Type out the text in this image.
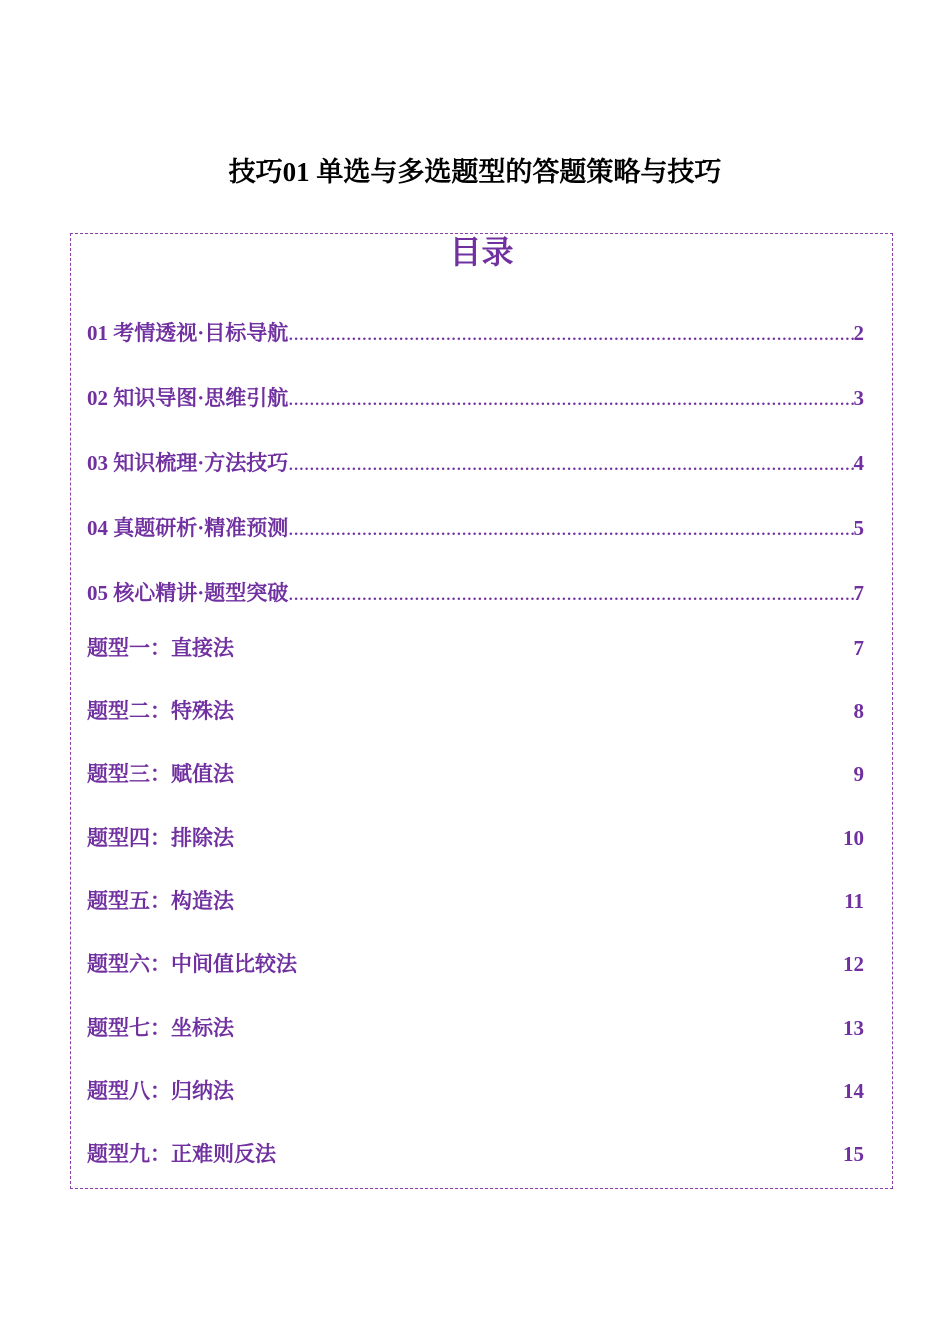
技巧01 单选与多选题型的答题策略与技巧
目录
01 考情透视·目标导航 .....	2
02 知识导图·思维引航 .....	3
03 知识梳理·方法技巧 .....	4
04 真题研析·精准预测 .....	5
05 核心精讲·题型突破 .....	7
题型一：直接法	7
题型二：特殊法	8
题型三：赋值法	9
题型四：排除法	10
题型五：构造法	11
题型六：中间值比较法	12
题型七：坐标法	13
题型八：归纳法	14
题型九：正难则反法	15
